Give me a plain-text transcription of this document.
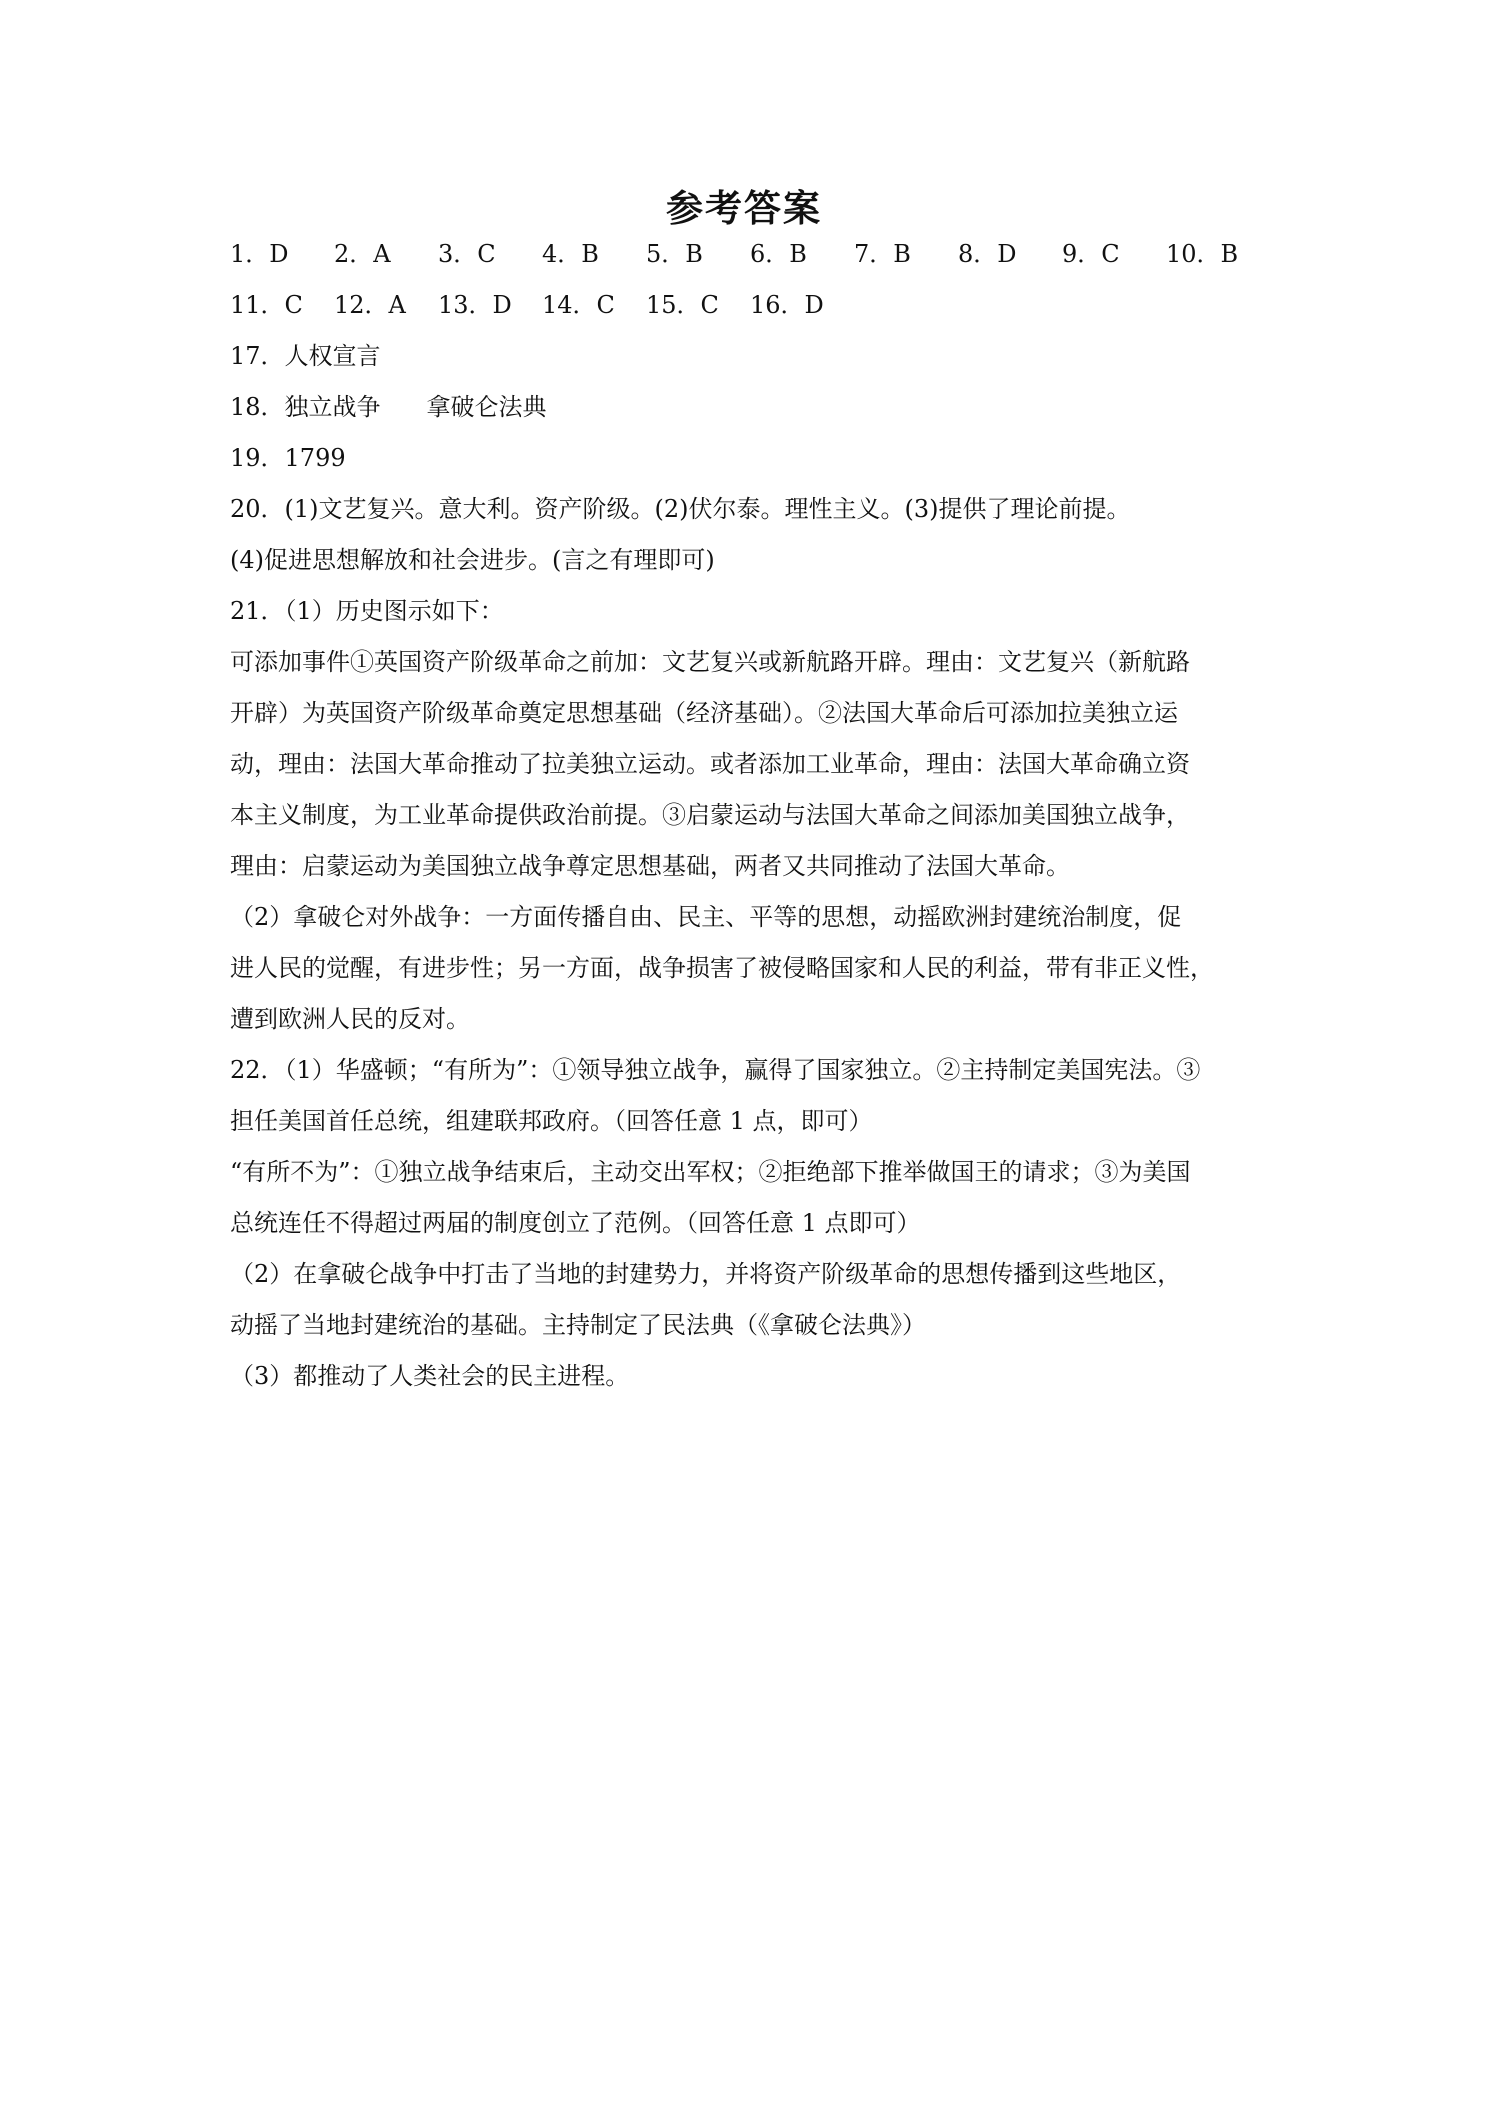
参考答案
1．D	2．A	3．C	4．B	5．B	6．B	7．B	8．D	9．C	10．B
11．C	12．A	13．D	14．C	15．C	16．D
17．人权宣言
18．独立战争 拿破仑法典
19．1799
20．(1)文艺复兴。意大利。资产阶级。(2)伏尔泰。理性主义。(3)提供了理论前提。
(4)促进思想解放和社会进步。(言之有理即可)
21．（1）历史图示如下：
可添加事件①英国资产阶级革命之前加：文艺复兴或新航路开辟。理由：文艺复兴（新航路
开辟）为英国资产阶级革命奠定思想基础（经济基础）。②法国大革命后可添加拉美独立运
动，理由：法国大革命推动了拉美独立运动。或者添加工业革命，理由：法国大革命确立资
本主义制度，为工业革命提供政治前提。③启蒙运动与法国大革命之间添加美国独立战争，
理由：启蒙运动为美国独立战争尊定思想基础，两者又共同推动了法国大革命。
（2）拿破仑对外战争：一方面传播自由、民主、平等的思想，动摇欧洲封建统治制度，促
进人民的觉醒，有进步性；另一方面，战争损害了被侵略国家和人民的利益，带有非正义性，
遭到欧洲人民的反对。
22．（1）华盛顿；“有所为”：①领导独立战争，赢得了国家独立。②主持制定美国宪法。③
担任美国首任总统，组建联邦政府。（回答任意 1 点，即可）
“有所不为”：①独立战争结束后，主动交出军权；②拒绝部下推举做国王的请求；③为美国
总统连任不得超过两届的制度创立了范例。（回答任意 1 点即可）
（2）在拿破仑战争中打击了当地的封建势力，并将资产阶级革命的思想传播到这些地区，
动摇了当地封建统治的基础。主持制定了民法典（《拿破仑法典》）
（3）都推动了人类社会的民主进程。
